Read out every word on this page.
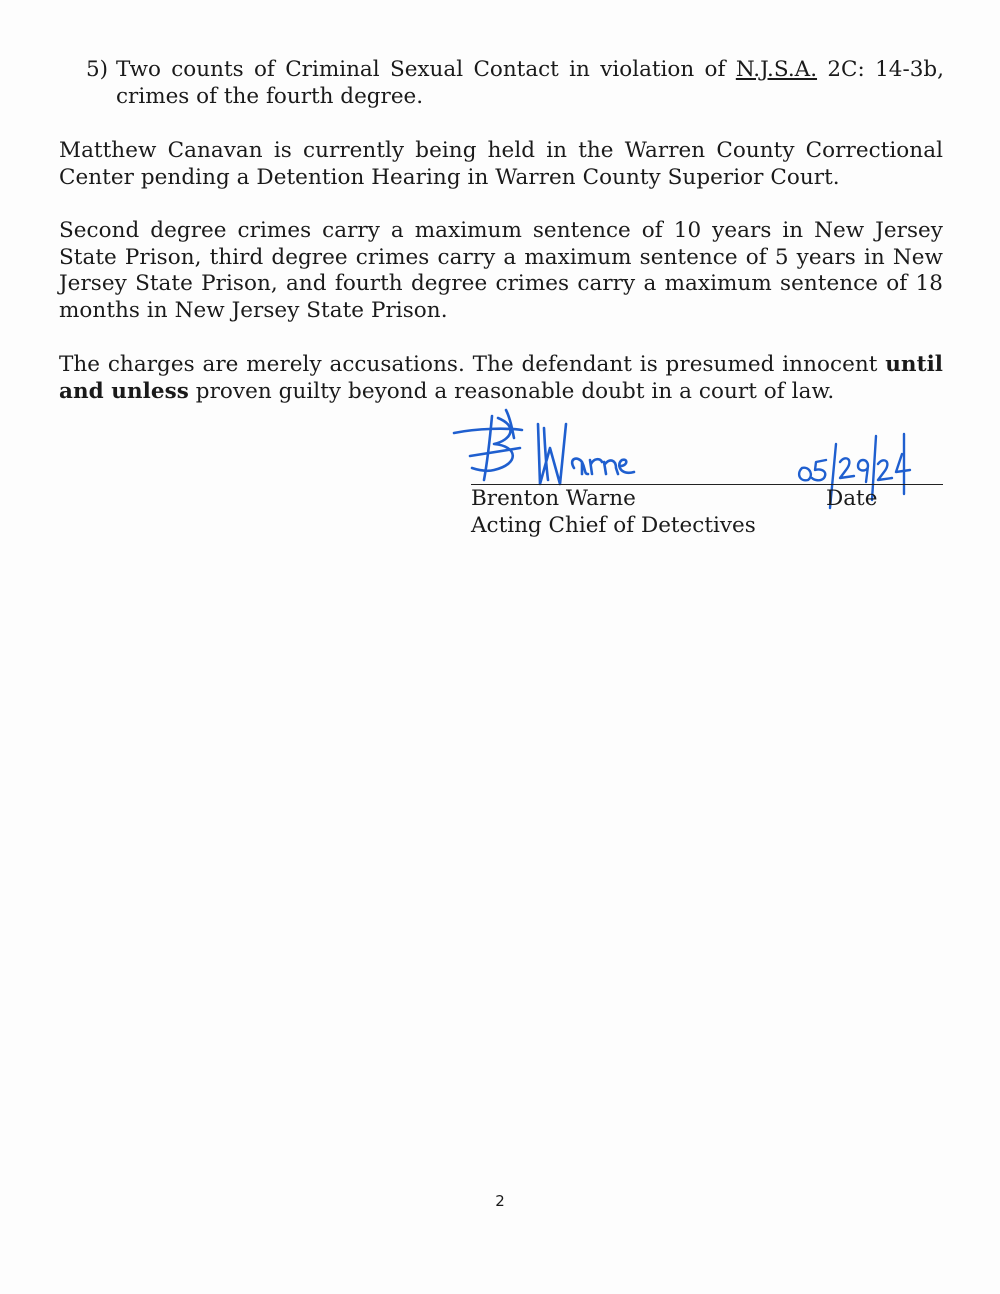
5) Two counts of Criminal Sexual Contact in violation of N.J.S.A. 2C: 14-3b, crimes of the fourth degree.

Matthew Canavan is currently being held in the Warren County Correctional Center pending a Detention Hearing in Warren County Superior Court.

Second degree crimes carry a maximum sentence of 10 years in New Jersey State Prison, third degree crimes carry a maximum sentence of 5 years in New Jersey State Prison, and fourth degree crimes carry a maximum sentence of 18 months in New Jersey State Prison.

The charges are merely accusations. The defendant is presumed innocent until and unless proven guilty beyond a reasonable doubt in a court of law.

Brenton Warne
Acting Chief of Detectives
Date
2
